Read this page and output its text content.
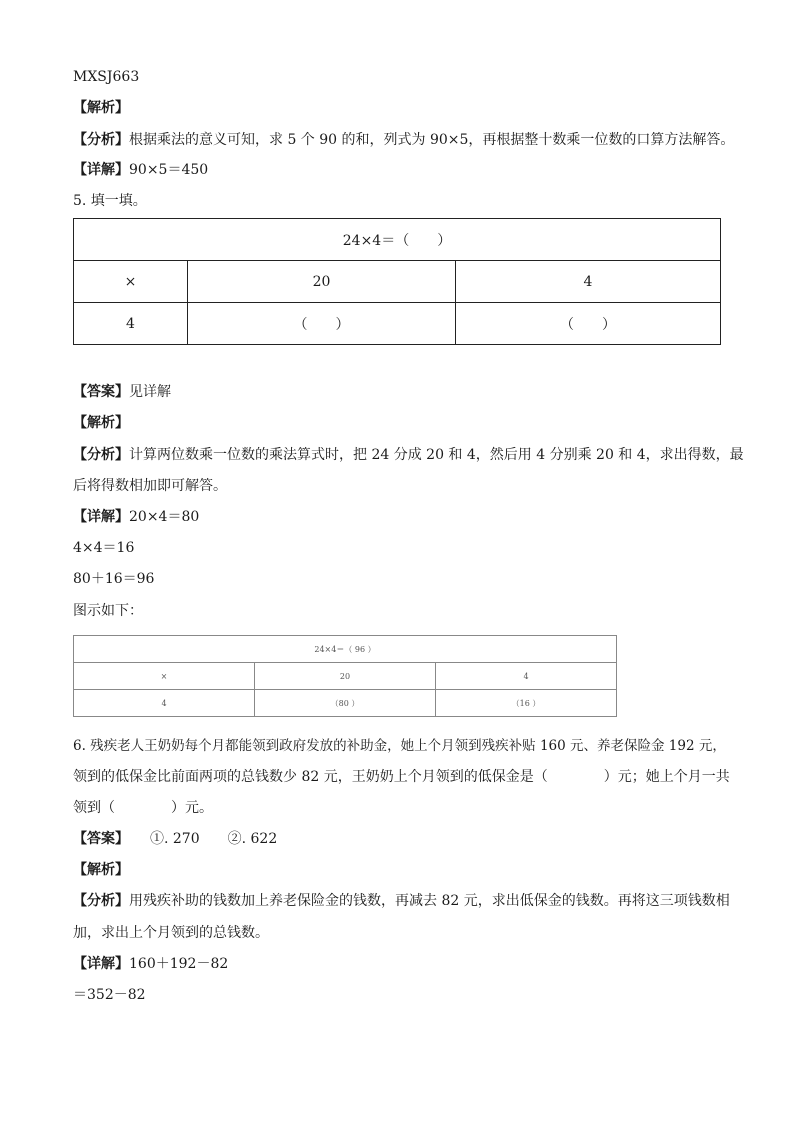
MXSJ663
【解析】
【分析】根据乘法的意义可知，求 5 个 90 的和，列式为 90×5，再根据整十数乘一位数的口算方法解答。
【详解】90×5＝450
5. 填一填。
24×4＝（　　）		
×	20	4
4	（　　）	（　　）
【答案】见详解
【解析】
【分析】计算两位数乘一位数的乘法算式时，把 24 分成 20 和 4，然后用 4 分别乘 20 和 4，求出得数，最
后将得数相加即可解答。
【详解】20×4＝80
4×4＝16
80＋16＝96
图示如下：
24×4＝（ 96 ）		
×	20	4
4	（80 ）	（16 ）
6. 残疾老人王奶奶每个月都能领到政府发放的补助金，她上个月领到残疾补贴 160 元、养老保险金 192 元，
领到的低保金比前面两项的总钱数少 82 元，王奶奶上个月领到的低保金是（　　　　）元；她上个月一共
领到（　　　　）元。
【答案】　　①. 270　　②. 622
【解析】
【分析】用残疾补助的钱数加上养老保险金的钱数，再减去 82 元，求出低保金的钱数。再将这三项钱数相
加，求出上个月领到的总钱数。
【详解】160＋192－82
＝352－82
